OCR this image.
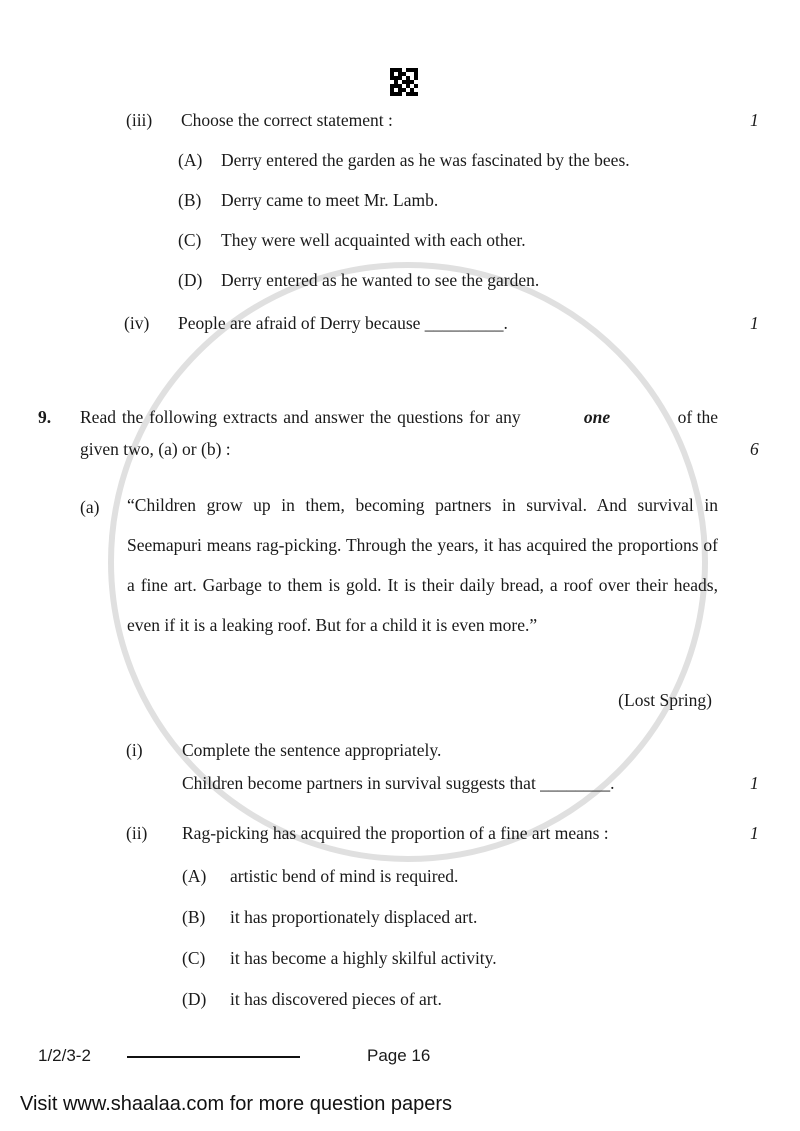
(iii) Choose the correct statement :	1
(A) Derry entered the garden as he was fascinated by the bees.
(B) Derry came to meet Mr. Lamb.
(C) They were well acquainted with each other.
(D) Derry entered as he wanted to see the garden.
(iv) People are afraid of Derry because _________.	1
9. Read the following extracts and answer the questions for any	one	of the
given two, (a) or (b) :	6
(a) “Children grow up in them, becoming partners in survival. And survival in Seemapuri means rag-picking. Through the years, it has acquired the proportions of a fine art. Garbage to them is gold. It is their daily bread, a roof over their heads, even if it is a leaking roof. But for a child it is even more.”
(Lost Spring)
(i) Complete the sentence appropriately.
Children become partners in survival suggests that ________.	1
(ii) Rag-picking has acquired the proportion of a fine art means :	1
(A) artistic bend of mind is required.
(B) it has proportionately displaced art.
(C) it has become a highly skilful activity.
(D) it has discovered pieces of art.
1/2/3-2	Page 16
Visit www.shaalaa.com for more question papers
